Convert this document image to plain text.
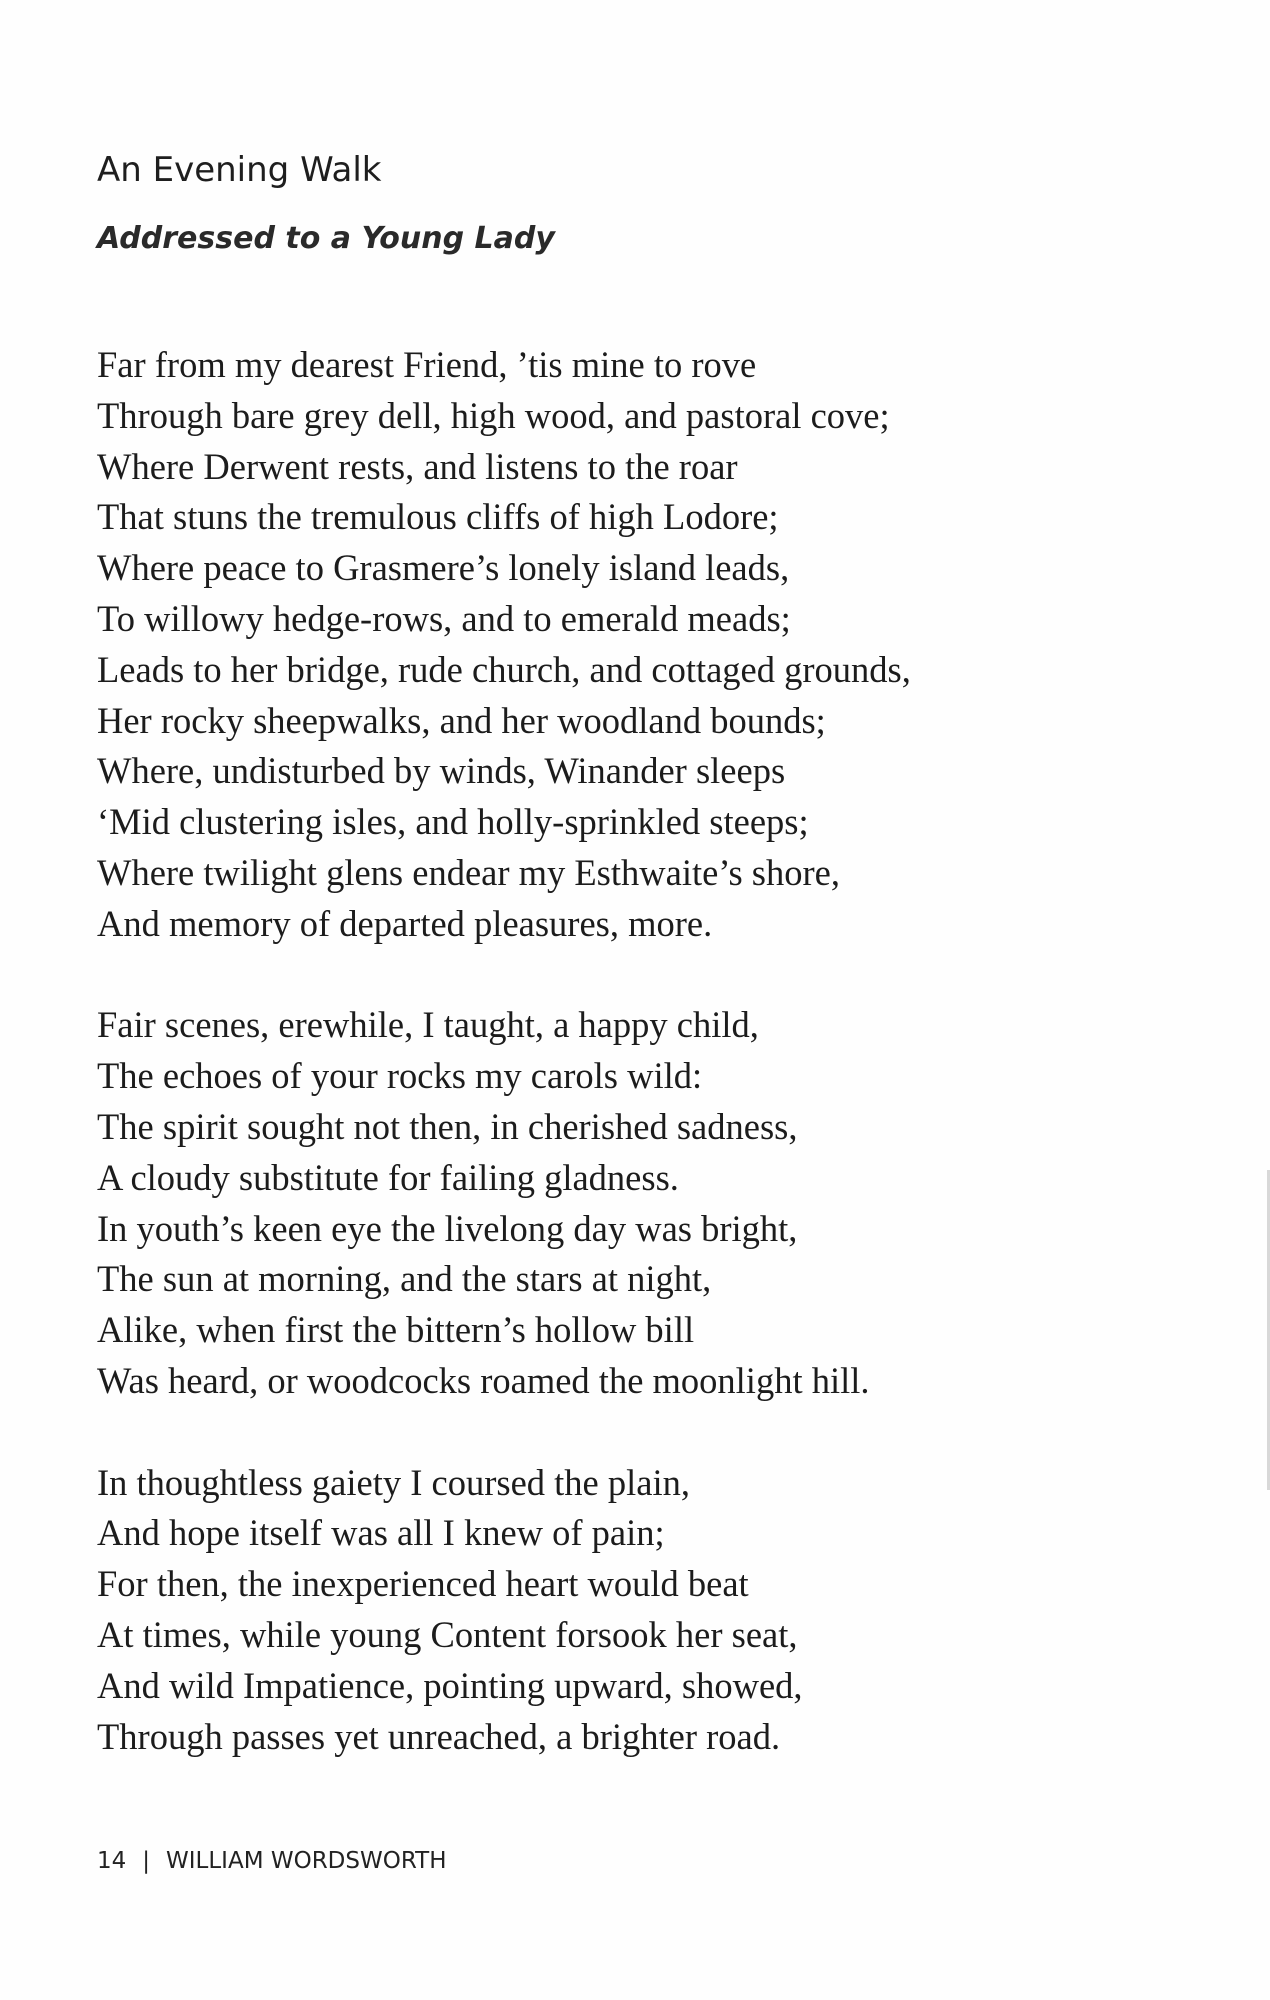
An Evening Walk
Addressed to a Young Lady
Far from my dearest Friend, ’tis mine to rove
Through bare grey dell, high wood, and pastoral cove;
Where Derwent rests, and listens to the roar
That stuns the tremulous cliffs of high Lodore;
Where peace to Grasmere’s lonely island leads,
To willowy hedge-rows, and to emerald meads;
Leads to her bridge, rude church, and cottaged grounds,
Her rocky sheepwalks, and her woodland bounds;
Where, undisturbed by winds, Winander sleeps
‘Mid clustering isles, and holly-sprinkled steeps;
Where twilight glens endear my Esthwaite’s shore,
And memory of departed pleasures, more.
Fair scenes, erewhile, I taught, a happy child,
The echoes of your rocks my carols wild:
The spirit sought not then, in cherished sadness,
A cloudy substitute for failing gladness.
In youth’s keen eye the livelong day was bright,
The sun at morning, and the stars at night,
Alike, when first the bittern’s hollow bill
Was heard, or woodcocks roamed the moonlight hill.
In thoughtless gaiety I coursed the plain,
And hope itself was all I knew of pain;
For then, the inexperienced heart would beat
At times, while young Content forsook her seat,
And wild Impatience, pointing upward, showed,
Through passes yet unreached, a brighter road.
14 | WILLIAM WORDSWORTH
